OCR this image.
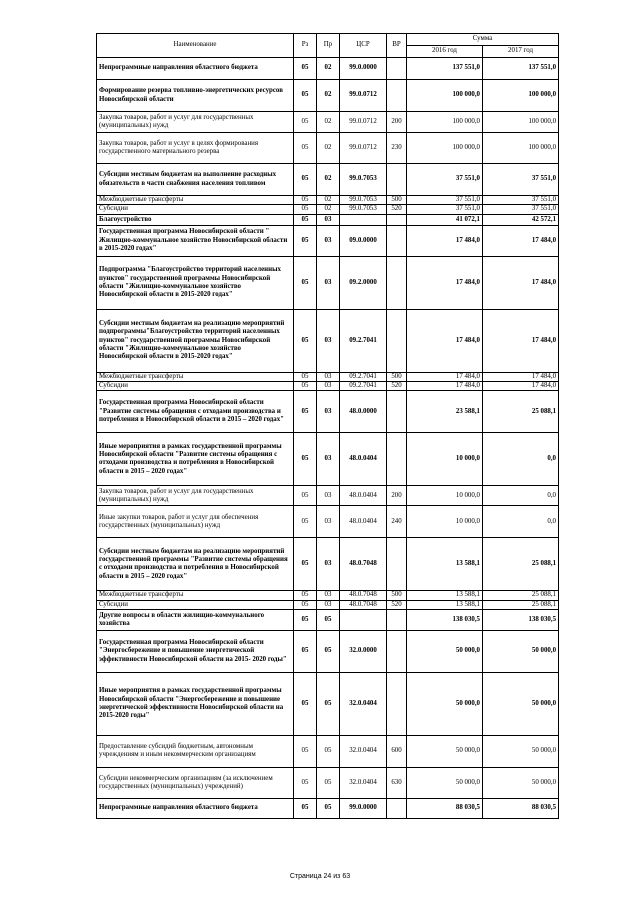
Наименование	Рз	Пр	ЦСР	ВР	Сумма	
					2016 год	2017 год
Непрограммные направления областного бюджета	05	02	99.0.0000		137 551,0	137 551,0
Формирование резерва топливно-энергетических ресурсов Новосибирской области	05	02	99.0.0712		100 000,0	100 000,0
Закупка товаров, работ и услуг для государственных (муниципальных) нужд	05	02	99.0.0712	200	100 000,0	100 000,0
Закупка товаров, работ и услуг в целях формирования государственного материального резерва	05	02	99.0.0712	230	100 000,0	100 000,0
Субсидии местным бюджетам на выполнение расходных обязательств в части снабжения населения топливом	05	02	99.0.7053		37 551,0	37 551,0
Межбюджетные трансферты	05	02	99.0.7053	500	37 551,0	37 551,0
Субсидии	05	02	99.0.7053	520	37 551,0	37 551,0
Благоустройство	05	03			41 072,1	42 572,1
Государственная программа Новосибирской области " Жилищно-коммунальное хозяйство Новосибирской области в 2015-2020 годах"	05	03	09.0.0000		17 484,0	17 484,0
Подпрограмма "Благоустройство территорий населенных пунктов" государственной программы Новосибирской области "Жилищно-коммунальное хозяйство Новосибирской области в 2015-2020 годах"	05	03	09.2.0000		17 484,0	17 484,0
Субсидии местным бюджетам на реализацию мероприятий подпрограммы"Благоустройство территорий населенных пунктов" государственной программы Новосибирской области "Жилищно-коммунальное хозяйство Новосибирской области в 2015-2020 годах"	05	03	09.2.7041		17 484,0	17 484,0
Межбюджетные трансферты	05	03	09.2.7041	500	17 484,0	17 484,0
Субсидии	05	03	09.2.7041	520	17 484,0	17 484,0
Государственная программа Новосибирской области "Развитие системы обращения с отходами производства и потребления в Новосибирской области в 2015 – 2020 годах"	05	03	48.0.0000		23 588,1	25 088,1
Иные мероприятия в рамках государственной программы Новосибирской области "Развитие системы обращения с отходами производства и потребления в Новосибирской области в 2015 – 2020 годах"	05	03	48.0.0404		10 000,0	0,0
Закупка товаров, работ и услуг для государственных (муниципальных) нужд	05	03	48.0.0404	200	10 000,0	0,0
Иные закупки товаров, работ и услуг для обеспечения государственных (муниципальных) нужд	05	03	48.0.0404	240	10 000,0	0,0
Субсидии местным бюджетам на реализацию мероприятий государственной программы "Развитие системы обращения с отходами производства и потребления в Новосибирской области в 2015 – 2020 годах"	05	03	48.0.7048		13 588,1	25 088,1
Межбюджетные трансферты	05	03	48.0.7048	500	13 588,1	25 088,1
Субсидии	05	03	48.0.7048	520	13 588,1	25 088,1
Другие вопросы в области жилищно-коммунального хозяйства	05	05			138 030,5	138 030,5
Государственная программа Новосибирской области "Энергосбережение и повышение энергетической эффективности Новосибирской области на 2015- 2020 годы"	05	05	32.0.0000		50 000,0	50 000,0
Иные мероприятия в рамках государственной программы Новосибирской области "Энергосбережение и повышение энергетической эффективности Новосибирской области на 2015-2020 годы"	05	05	32.0.0404		50 000,0	50 000,0
Предоставление субсидий бюджетным, автономным учреждениям и иным некоммерческим организациям	05	05	32.0.0404	600	50 000,0	50 000,0
Субсидии некоммерческим организациям (за исключением государственных (муниципальных) учреждений)	05	05	32.0.0404	630	50 000,0	50 000,0
Непрограммные направления областного бюджета	05	05	99.0.0000		88 030,5	88 030,5
Страница 24 из 63
